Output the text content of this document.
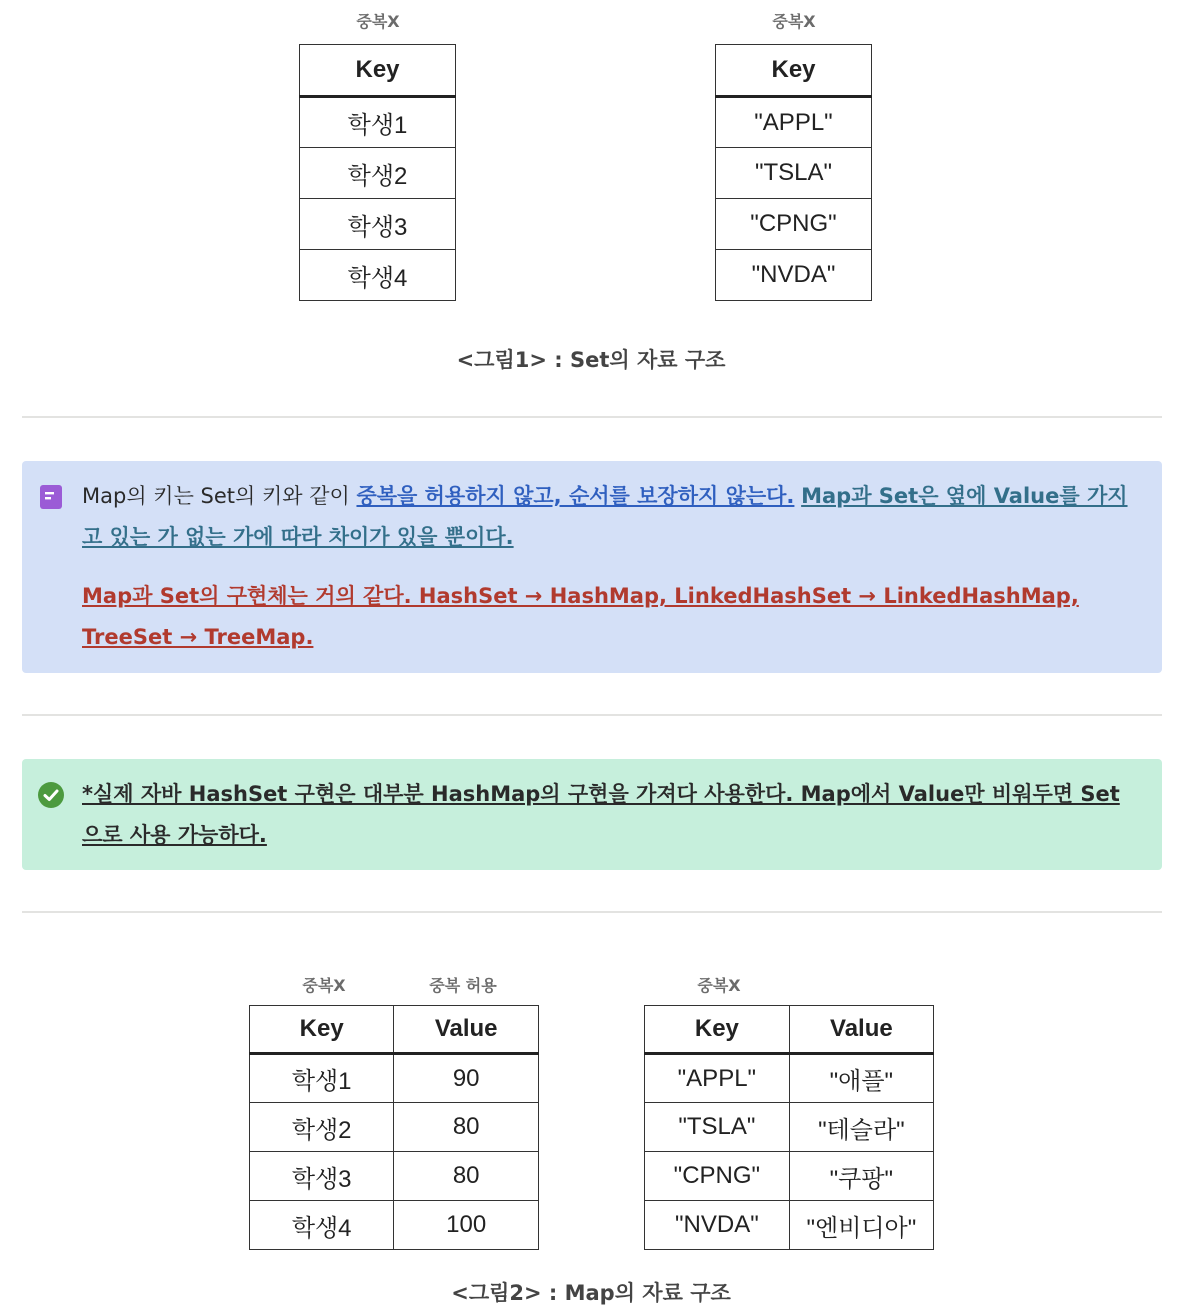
중복X
Key
학생1
학생2
학생3
학생4
중복X
Key
"APPL"
"TSLA"
"CPNG"
"NVDA"
<그림1> : Set의 자료 구조
Map의 키는 Set의 키와 같이 중복을 허용하지 않고, 순서를 보장하지 않는다. Map과 Set은 옆에 Value를 가지고 있는 가 없는 가에 따라 차이가 있을 뿐이다.
Map과 Set의 구현체는 거의 같다. HashSet → HashMap, LinkedHashSet → LinkedHashMap, TreeSet → TreeMap.
*실제 자바 HashSet 구현은 대부분 HashMap의 구현을 가져다 사용한다. Map에서 Value만 비워두면 Set으로 사용 가능하다.
중복X	중복 허용
Key	Value
학생1	90
학생2	80
학생3	80
학생4	100
중복X
Key	Value
"APPL"	"애플"
"TSLA"	"테슬라"
"CPNG"	"쿠팡"
"NVDA"	"엔비디아"
<그림2> : Map의 자료 구조
